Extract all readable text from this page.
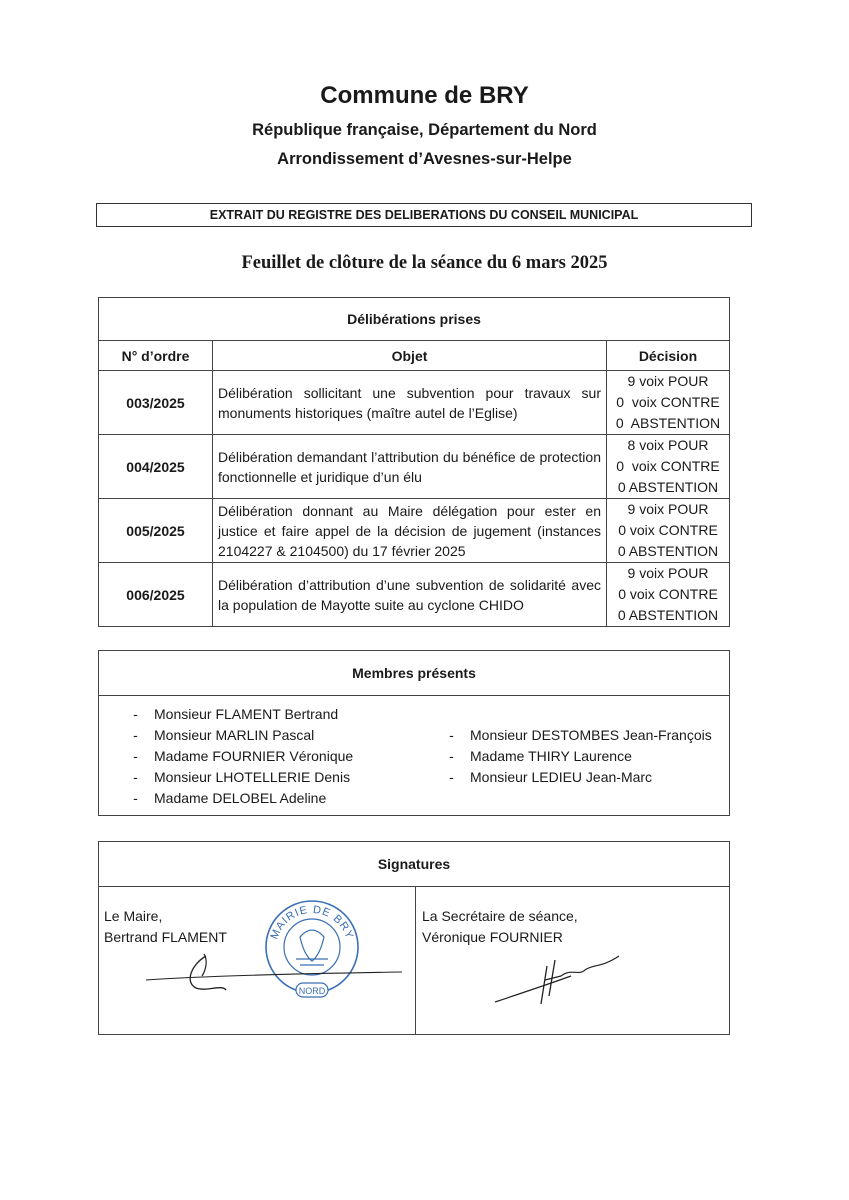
Commune de BRY
République française, Département du Nord
Arrondissement d’Avesnes-sur-Helpe
EXTRAIT DU REGISTRE DES DELIBERATIONS DU CONSEIL MUNICIPAL
Feuillet de clôture de la séance du 6 mars 2025
Délibérations prises		
N° d’ordre	Objet	Décision
003/2025	Délibération sollicitant une subvention pour travaux sur monuments historiques (maître autel de l’Eglise)	9 voix POUR
0  voix CONTRE
0  ABSTENTION

004/2025	Délibération demandant l’attribution du bénéfice de protection fonctionnelle et juridique d’un élu	8 voix POUR
0  voix CONTRE
0 ABSTENTION

005/2025	Délibération donnant au Maire délégation pour ester en justice et faire appel de la décision de jugement (instances 2104227 & 2104500) du 17 février 2025	9 voix POUR
0 voix CONTRE
0 ABSTENTION

006/2025	Délibération d’attribution d’une subvention de solidarité avec la population de Mayotte suite au cyclone CHIDO	9 voix POUR
0 voix CONTRE
0 ABSTENTION
Membres présents
-	Monsieur FLAMENT Bertrand
-	Monsieur MARLIN Pascal
-	Madame FOURNIER Véronique
-	Monsieur LHOTELLERIE Denis
-	Madame DELOBEL Adeline
-	Monsieur DESTOMBES Jean-François
-	Madame THIRY Laurence
-	Monsieur LEDIEU Jean-Marc
Signatures
Le Maire,
Bertrand FLAMENT
La Secrétaire de séance,
Véronique FOURNIER
MAIRIE DE BRY
NORD
